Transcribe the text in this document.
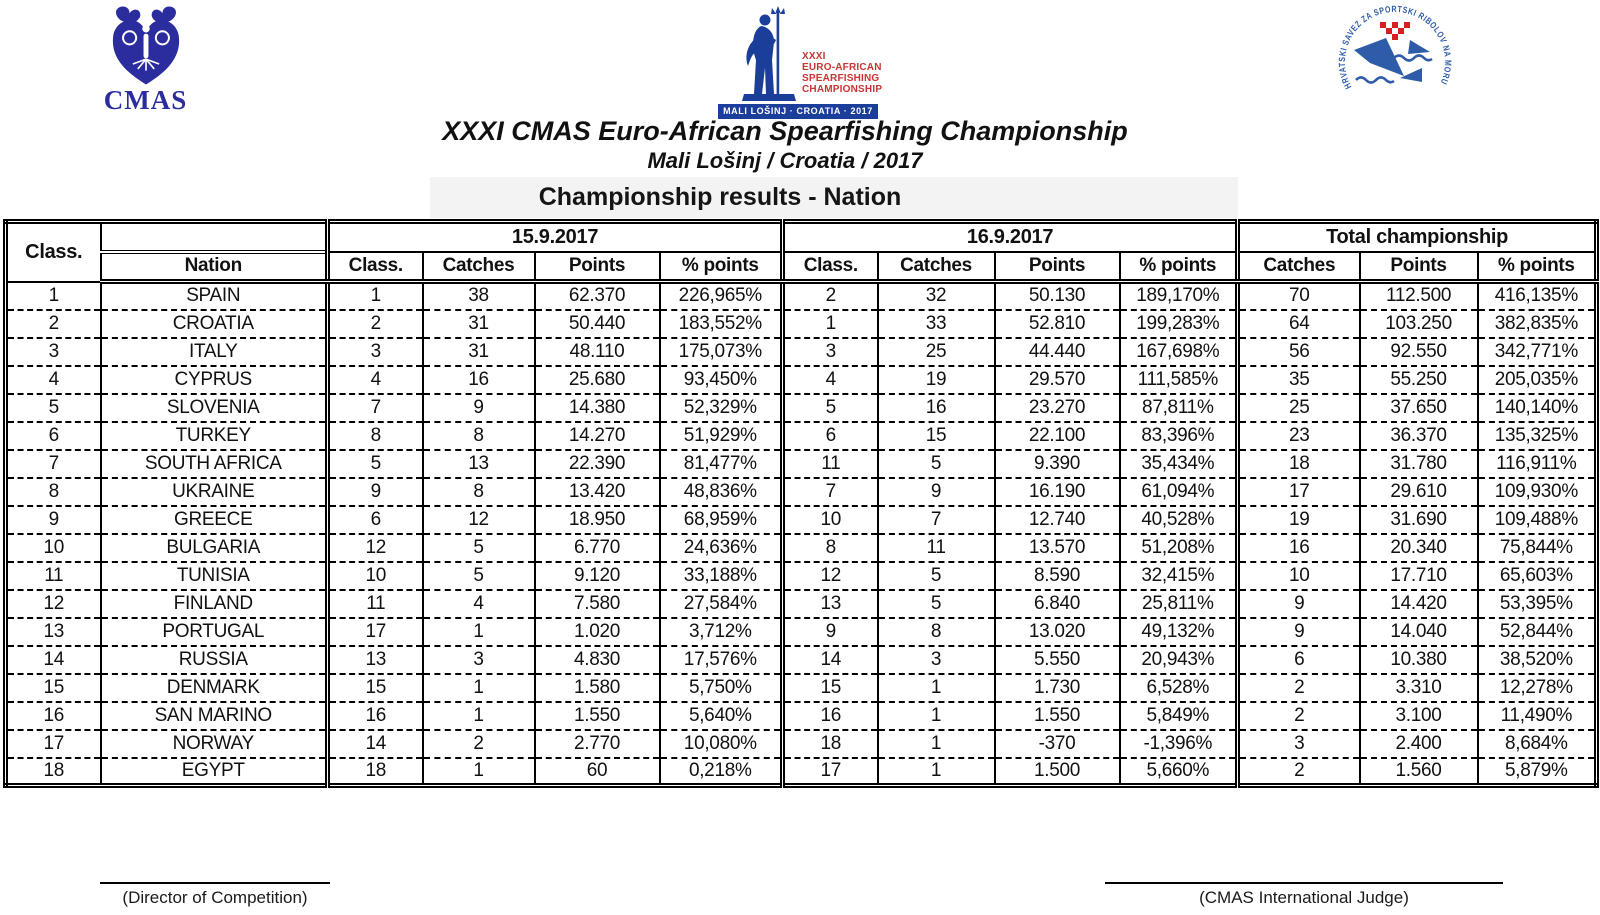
CMAS
XXXI
EURO-AFRICAN
SPEARFISHING
CHAMPIONSHIP
MALI LOŠINJ · CROATIA · 2017
HRVATSKI SAVEZ ZA SPORTSKI RIBOLOV NA MORU
XXXI CMAS Euro-African Spearfishing Championship
Mali Lošinj / Croatia / 2017
Championship results - Nation
Class.		15.9.2017				16.9.2017				Total championship		
	Nation	Class.	Catches	Points	% points	Class.	Catches	Points	% points	Catches	Points	% points
1	SPAIN	1	38	62.370	226,965%	2	32	50.130	189,170%	70	112.500	416,135%
2	CROATIA	2	31	50.440	183,552%	1	33	52.810	199,283%	64	103.250	382,835%
3	ITALY	3	31	48.110	175,073%	3	25	44.440	167,698%	56	92.550	342,771%
4	CYPRUS	4	16	25.680	93,450%	4	19	29.570	111,585%	35	55.250	205,035%
5	SLOVENIA	7	9	14.380	52,329%	5	16	23.270	87,811%	25	37.650	140,140%
6	TURKEY	8	8	14.270	51,929%	6	15	22.100	83,396%	23	36.370	135,325%
7	SOUTH AFRICA	5	13	22.390	81,477%	11	5	9.390	35,434%	18	31.780	116,911%
8	UKRAINE	9	8	13.420	48,836%	7	9	16.190	61,094%	17	29.610	109,930%
9	GREECE	6	12	18.950	68,959%	10	7	12.740	40,528%	19	31.690	109,488%
10	BULGARIA	12	5	6.770	24,636%	8	11	13.570	51,208%	16	20.340	75,844%
11	TUNISIA	10	5	9.120	33,188%	12	5	8.590	32,415%	10	17.710	65,603%
12	FINLAND	11	4	7.580	27,584%	13	5	6.840	25,811%	9	14.420	53,395%
13	PORTUGAL	17	1	1.020	3,712%	9	8	13.020	49,132%	9	14.040	52,844%
14	RUSSIA	13	3	4.830	17,576%	14	3	5.550	20,943%	6	10.380	38,520%
15	DENMARK	15	1	1.580	5,750%	15	1	1.730	6,528%	2	3.310	12,278%
16	SAN MARINO	16	1	1.550	5,640%	16	1	1.550	5,849%	2	3.100	11,490%
17	NORWAY	14	2	2.770	10,080%	18	1	-370	-1,396%	3	2.400	8,684%
18	EGYPT	18	1	60	0,218%	17	1	1.500	5,660%	2	1.560	5,879%
(Director of Competition)	(CMAS International Judge)
